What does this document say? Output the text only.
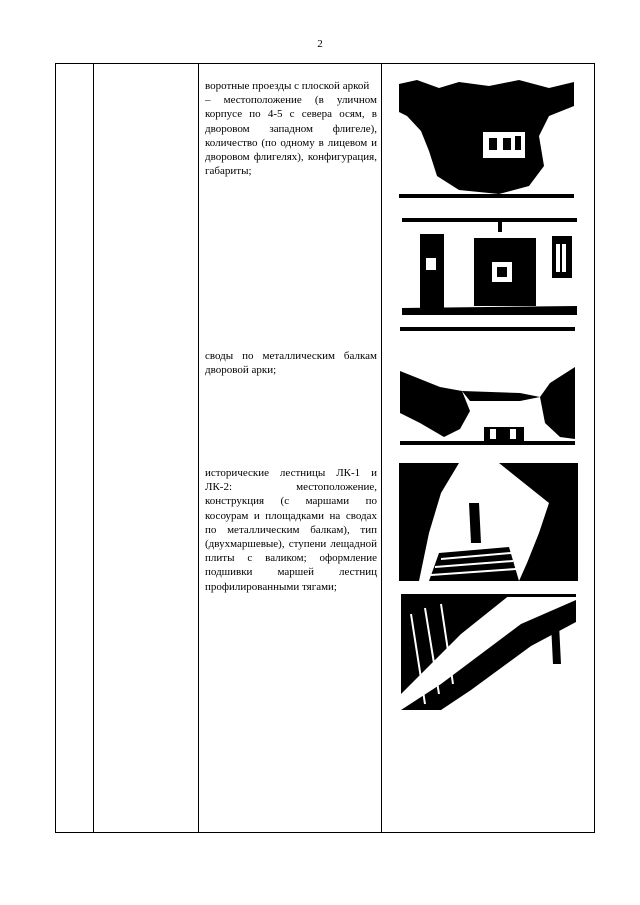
2

воротные проезды с плоской аркой

– местоположение (в уличном корпусе по 4-5 с севера осям, в дворовом западном флигеле), количество (по одному в лицевом и дворовом флигелях), конфигурация, габариты;

своды по металлическим балкам дворовой арки;

исторические лестницы ЛК-1 и ЛК-2: местоположение, конструкция (с маршами по косоурам и площадками на сводах по металлическим балкам), тип (двухмаршевые), ступени лещадной плиты с валиком; оформление подшивки маршей лестниц профилированными тягами;
